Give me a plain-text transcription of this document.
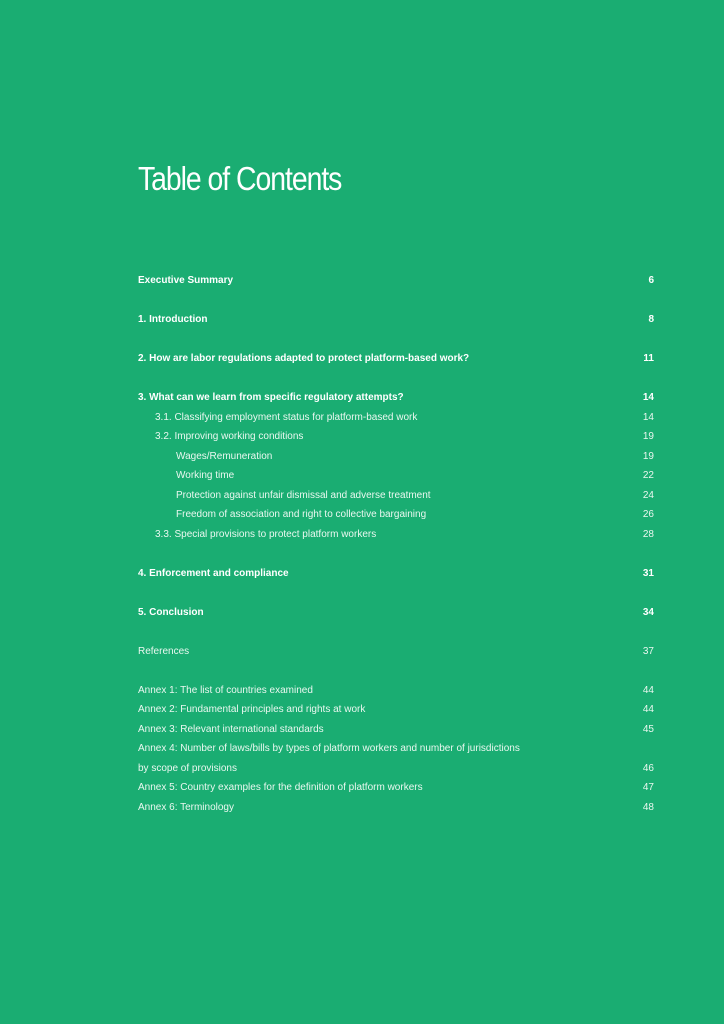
Table of Contents
Executive Summary	6
1. Introduction	8
2. How are labor regulations adapted to protect platform-based work?	11
3. What can we learn from specific regulatory attempts?	14
3.1. Classifying employment status for platform-based work	14
3.2. Improving working conditions	19
Wages/Remuneration	19
Working time	22
Protection against unfair dismissal and adverse treatment	24
Freedom of association and right to collective bargaining	26
3.3. Special provisions to protect platform workers	28
4. Enforcement and compliance	31
5. Conclusion	34
References	37
Annex 1: The list of countries examined	44
Annex 2: Fundamental principles and rights at work	44
Annex 3: Relevant international standards	45
Annex 4: Number of laws/bills by types of platform workers and number of jurisdictions
by scope of provisions	46
Annex 5: Country examples for the definition of platform workers	47
Annex 6: Terminology	48
